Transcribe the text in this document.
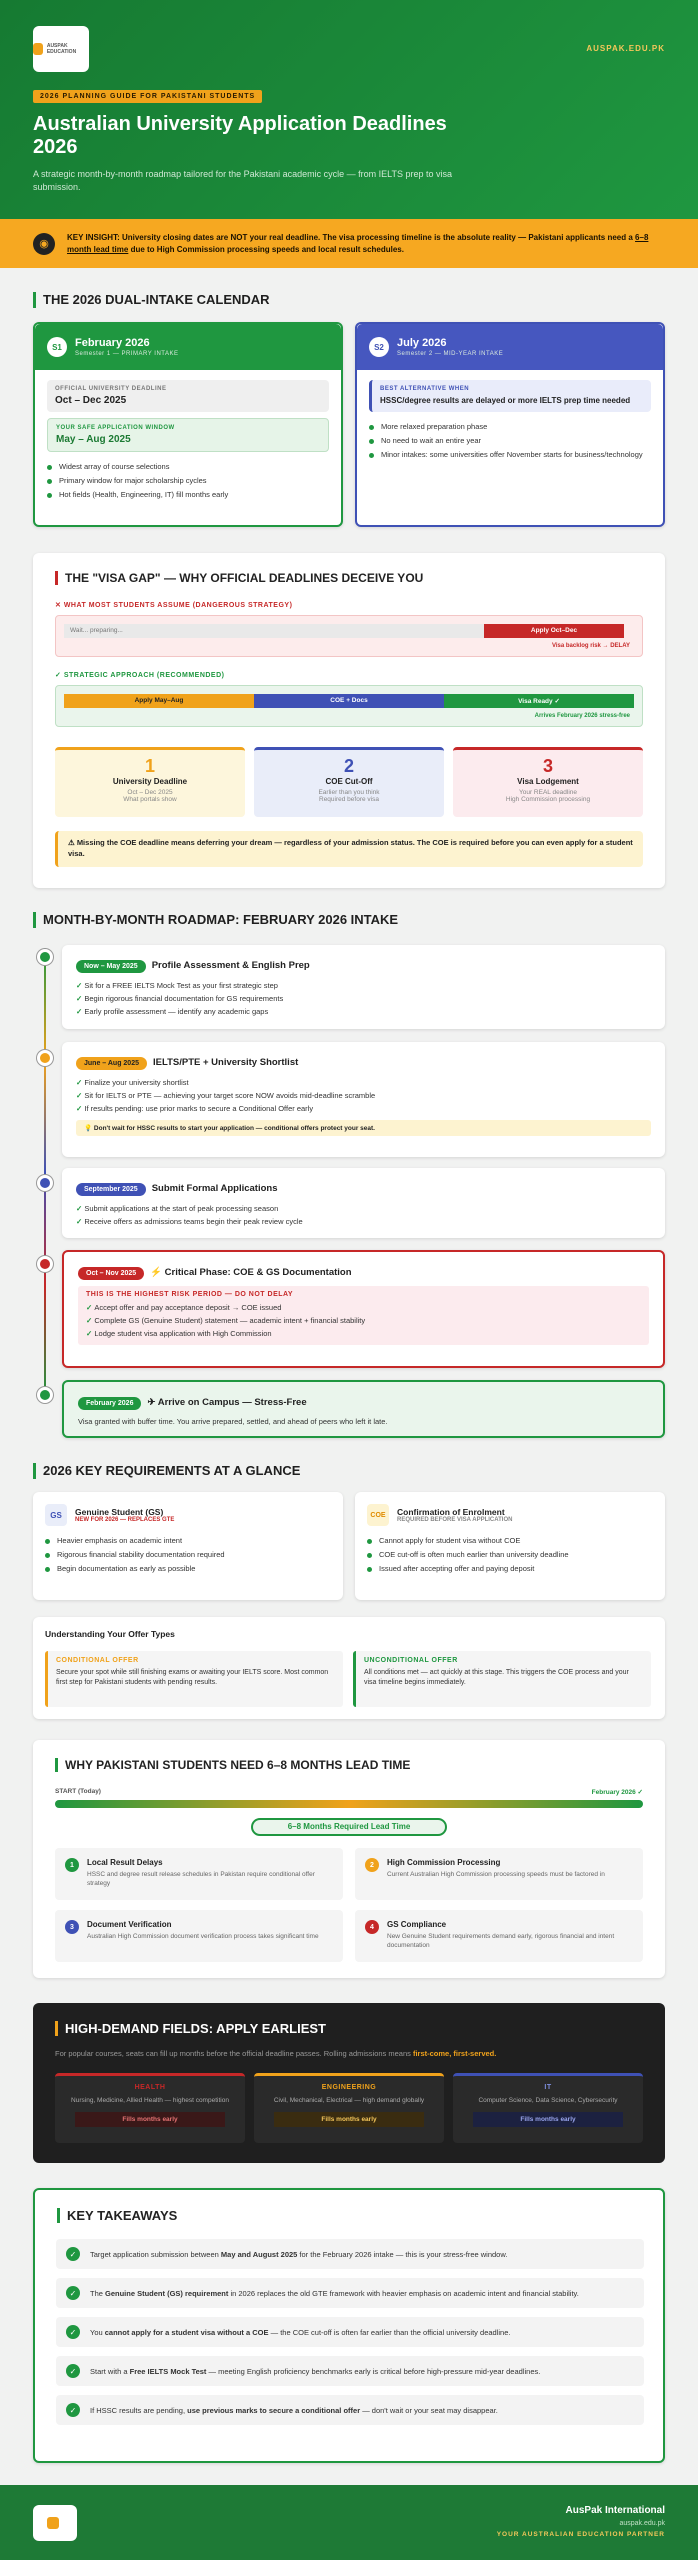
AUSPAK EDUCATION	AUSPAK.EDU.PK
2026 PLANNING GUIDE FOR PAKISTANI STUDENTS
Australian University Application Deadlines 2026
A strategic month-by-month roadmap tailored for the Pakistani academic cycle — from IELTS prep to visa submission.
◉

KEY INSIGHT: University closing dates are NOT your real deadline. The visa processing timeline is the absolute reality — Pakistani applicants need a 6–8 month lead time due to High Commission processing speeds and local result schedules.

THE 2026 DUAL-INTAKE CALENDAR
S1	February 2026
Semester 1 — PRIMARY INTAKE
OFFICIAL UNIVERSITY DEADLINE
Oct – Dec 2025
YOUR SAFE APPLICATION WINDOW
May – Aug 2025
Widest array of course selections
Primary window for major scholarship cycles
Hot fields (Health, Engineering, IT) fill months early
S2	July 2026
Semester 2 — MID-YEAR INTAKE
BEST ALTERNATIVE WHEN
HSSC/degree results are delayed or more IELTS prep time needed
More relaxed preparation phase
No need to wait an entire year
Minor intakes: some universities offer November starts for business/technology
THE "VISA GAP" — WHY OFFICIAL DEADLINES DECEIVE YOU
✕ WHAT MOST STUDENTS ASSUME (DANGEROUS STRATEGY)
Wait... preparing...	Apply Oct–Dec
Visa backlog risk → DELAY
✓ STRATEGIC APPROACH (RECOMMENDED)
Apply May–Aug	COE + Docs	Visa Ready ✓
Arrives February 2026 stress-free
1
University Deadline
Oct – Dec 2025
What portals show
2
COE Cut-Off
Earlier than you think
Required before visa
3
Visa Lodgement
Your REAL deadline
High Commission processing
⚠ Missing the COE deadline means deferring your dream — regardless of your admission status. The COE is required before you can even apply for a student visa.
MONTH-BY-MONTH ROADMAP: FEBRUARY 2026 INTAKE
Now – May 2025 Profile Assessment & English Prep
✓ Sit for a FREE IELTS Mock Test as your first strategic step
✓ Begin rigorous financial documentation for GS requirements
✓ Early profile assessment — identify any academic gaps
June – Aug 2025 IELTS/PTE + University Shortlist
✓ Finalize your university shortlist
✓ Sit for IELTS or PTE — achieving your target score NOW avoids mid-deadline scramble
✓ If results pending: use prior marks to secure a Conditional Offer early
💡 Don't wait for HSSC results to start your application — conditional offers protect your seat.
September 2025 Submit Formal Applications
✓ Submit applications at the start of peak processing season
✓ Receive offers as admissions teams begin their peak review cycle
Oct – Nov 2025 ⚡ Critical Phase: COE & GS Documentation
THIS IS THE HIGHEST RISK PERIOD — DO NOT DELAY
✓ Accept offer and pay acceptance deposit → COE issued
✓ Complete GS (Genuine Student) statement — academic intent + financial stability
✓ Lodge student visa application with High Commission
February 2026 ✈ Arrive on Campus — Stress-Free
Visa granted with buffer time. You arrive prepared, settled, and ahead of peers who left it late.
2026 KEY REQUIREMENTS AT A GLANCE
GS	Genuine Student (GS)
NEW FOR 2026 — REPLACES GTE
Heavier emphasis on academic intent
Rigorous financial stability documentation required
Begin documentation as early as possible
COE	Confirmation of Enrolment
REQUIRED BEFORE VISA APPLICATION
Cannot apply for student visa without COE
COE cut-off is often much earlier than university deadline
Issued after accepting offer and paying deposit
Understanding Your Offer Types
CONDITIONAL OFFER
Secure your spot while still finishing exams or awaiting your IELTS score. Most common first step for Pakistani students with pending results.
UNCONDITIONAL OFFER
All conditions met — act quickly at this stage. This triggers the COE process and your visa timeline begins immediately.
WHY PAKISTANI STUDENTS NEED 6–8 MONTHS LEAD TIME
START (Today)	February 2026 ✓
6–8 Months Required Lead Time
1	Local Result Delays
HSSC and degree result release schedules in Pakistan require conditional offer strategy
2	High Commission Processing
Current Australian High Commission processing speeds must be factored in
3	Document Verification
Australian High Commission document verification process takes significant time
4	GS Compliance
New Genuine Student requirements demand early, rigorous financial and intent documentation
HIGH-DEMAND FIELDS: APPLY EARLIEST
For popular courses, seats can fill up months before the official deadline passes. Rolling admissions means first-come, first-served.
HEALTH
Nursing, Medicine, Allied Health — highest competition
Fills months early
ENGINEERING
Civil, Mechanical, Electrical — high demand globally
Fills months early
IT
Computer Science, Data Science, Cybersecurity
Fills months early
KEY TAKEAWAYS
✓	Target application submission between May and August 2025 for the February 2026 intake — this is your stress-free window.

✓	The Genuine Student (GS) requirement in 2026 replaces the old GTE framework with heavier emphasis on academic intent and financial stability.

✓	You cannot apply for a student visa without a COE — the COE cut-off is often far earlier than the official university deadline.

✓	Start with a Free IELTS Mock Test — meeting English proficiency benchmarks early is critical before high-pressure mid-year deadlines.

✓	If HSSC results are pending, use previous marks to secure a conditional offer — don't wait or your seat may disappear.

AusPak International
auspak.edu.pk
YOUR AUSTRALIAN EDUCATION PARTNER
